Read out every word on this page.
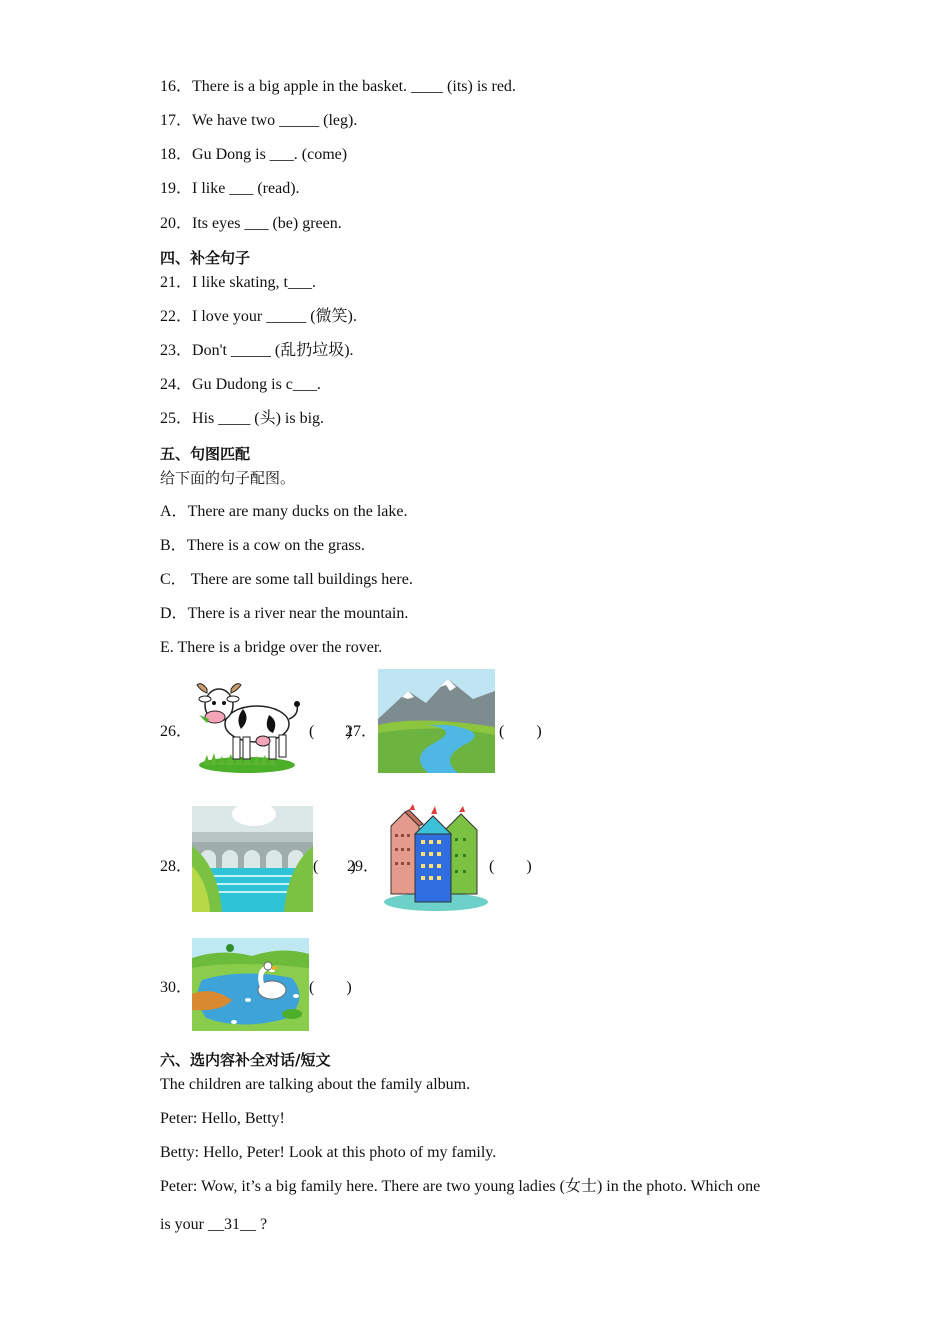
16．There is a big apple in the basket. ____ (its) is red.
17．We have two _____ (leg).
18．Gu Dong is ___. (come)
19．I like ___ (read).
20．Its eyes ___ (be) green.
四、补全句子
21．I like skating, t___.
22．I love your _____ (微笑).
23．Don't _____ (乱扔垃圾).
24．Gu Dudong is c___.
25．His ____ (头) is big.
五、句图匹配
给下面的句子配图。
A．There are many ducks on the lake.
B．There is a cow on the grass.
C． There are some tall buildings here.
D．There is a river near the mountain.
E. There is a bridge over the rover.
26．	(　　)
27．	(　　)
28．	(　　)
29．	(　　)
30．	(　　)
六、选内容补全对话/短文
The children are talking about the family album.
Peter: Hello, Betty!
Betty: Hello, Peter! Look at this photo of my family.
Peter: Wow, it’s a big family here. There are two young ladies (女士) in the photo. Which one
is your __31__ ?
